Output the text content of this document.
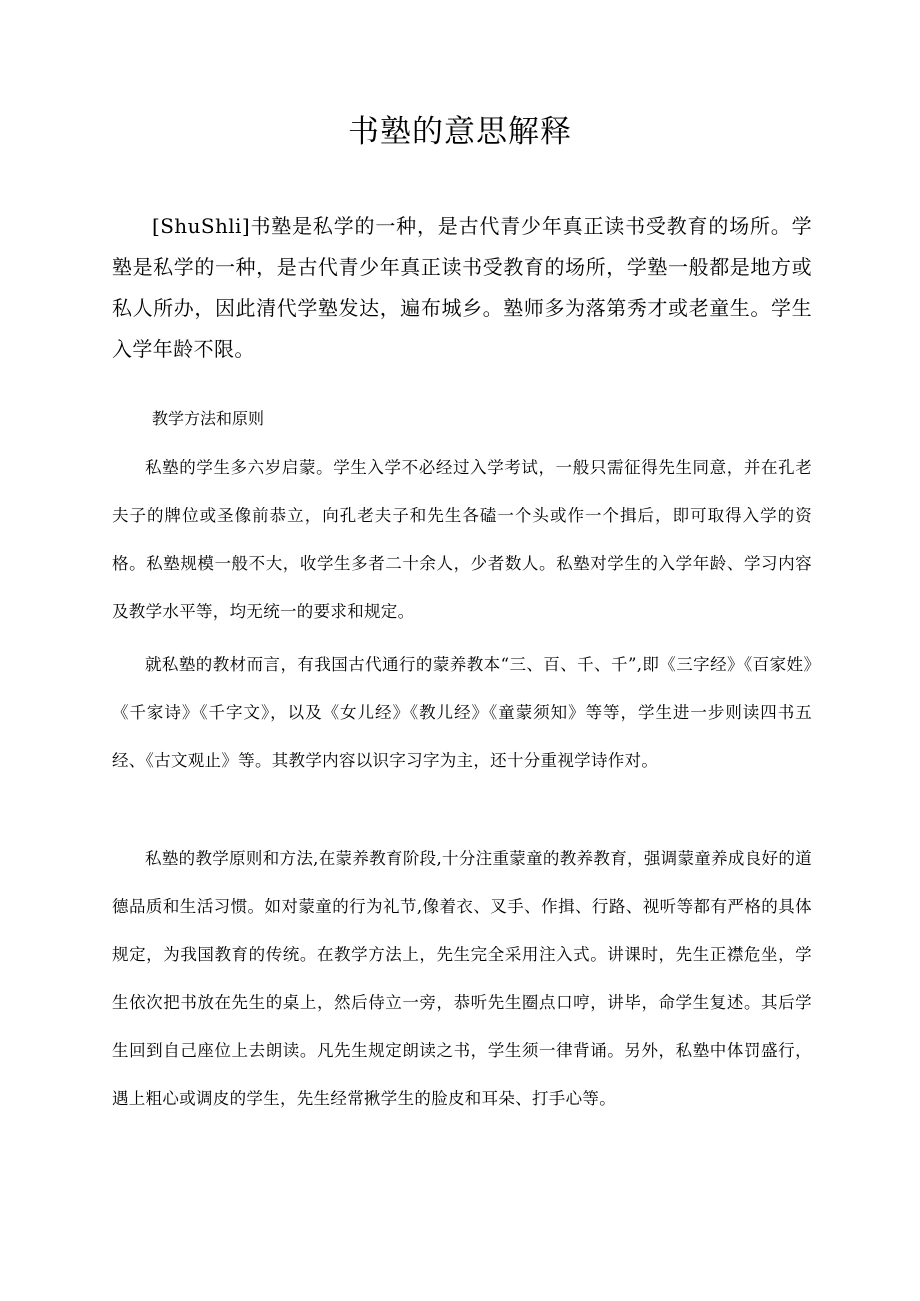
书塾的意思解释

[ShuShli]书塾是私学的一种，是古代青少年真正读书受教育的场所。学塾是私学的一种，是古代青少年真正读书受教育的场所，学塾一般都是地方或私人所办，因此清代学塾发达，遍布城乡。塾师多为落第秀才或老童生。学生入学年龄不限。

教学方法和原则

私塾的学生多六岁启蒙。学生入学不必经过入学考试，一般只需征得先生同意，并在孔老夫子的牌位或圣像前恭立，向孔老夫子和先生各磕一个头或作一个揖后，即可取得入学的资格。私塾规模一般不大，收学生多者二十余人，少者数人。私塾对学生的入学年龄、学习内容及教学水平等，均无统一的要求和规定。

就私塾的教材而言，有我国古代通行的蒙养教本“三、百、千、千”,即《三字经》《百家姓》《千家诗》《千字文》，以及《女儿经》《教儿经》《童蒙须知》等等，学生进一步则读四书五经、《古文观止》等。其教学内容以识字习字为主，还十分重视学诗作对。

私塾的教学原则和方法,在蒙养教育阶段,十分注重蒙童的教养教育，强调蒙童养成良好的道德品质和生活习惯。如对蒙童的行为礼节,像着衣、叉手、作揖、行路、视听等都有严格的具体规定，为我国教育的传统。在教学方法上，先生完全采用注入式。讲课时，先生正襟危坐，学生依次把书放在先生的桌上，然后侍立一旁，恭听先生圈点口哼，讲毕，命学生复述。其后学生回到自己座位上去朗读。凡先生规定朗读之书，学生须一律背诵。另外，私塾中体罚盛行，遇上粗心或调皮的学生，先生经常揪学生的脸皮和耳朵、打手心等。
